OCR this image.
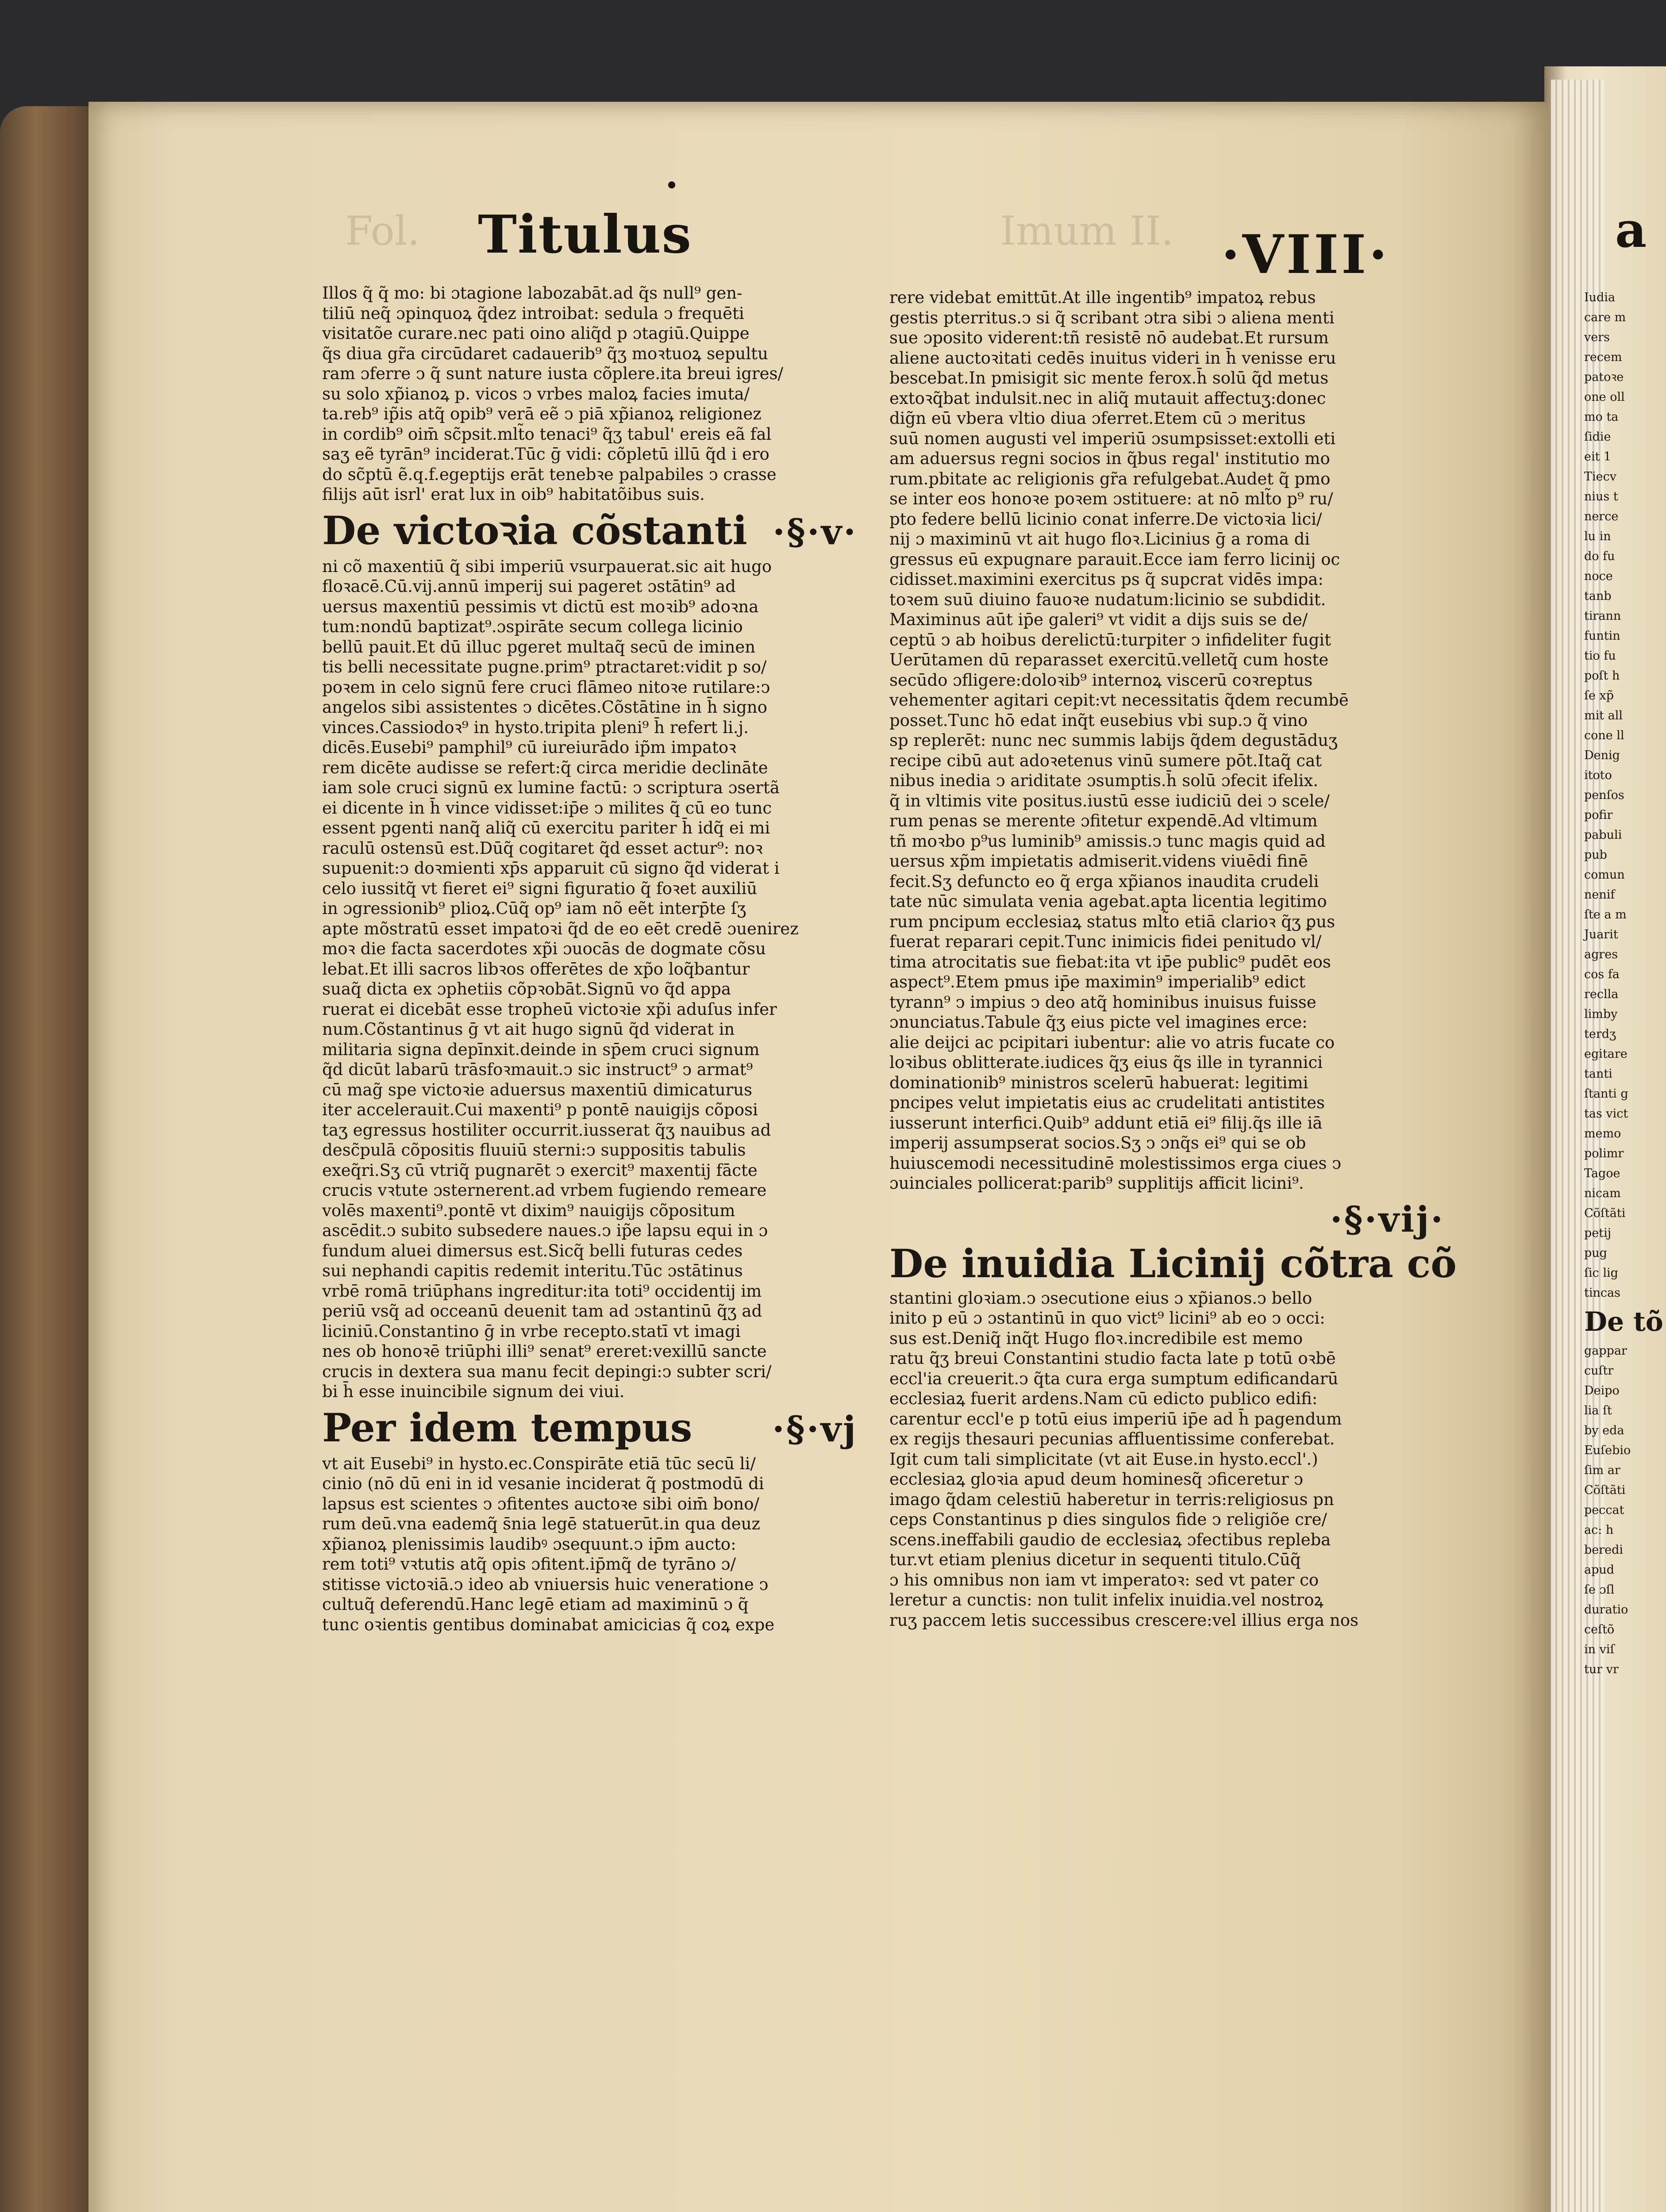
Fol.	Imum II.
Titulus	·VIII·

Illos q̃ q̃ mo: bi ɔtagione labozabāt.ad q̃s null⁹ gen-

tiliū neq̃ ɔpinquoꝝ q̃dez introibat: sedula ↄ frequēti

visitatõe curare.nec pati oino aliq̃d p ɔtagiū.Quippe

q̃s diua gr̃a circūdaret cadauerib⁹ q̃ʒ moꝛtuoꝝ sepultu

ram ɔferre ↄ q̃ sunt nature iusta cõplere.ita breui igres/

su solo xp̃ianoꝝ p. vicos ↄ vrbes maloꝝ facies imuta/

ta.reb⁹ ip̃is atq̃ opib⁹ verā eẽ ↄ piā xp̃ianoꝝ religionez

in cordib⁹ oim̄ sc̃psit.mlt̃o tenaci⁹ q̃ʒ tabul' ereis eã fal

saʒ eẽ tyrān⁹ inciderat.Tūc ḡ vidi: cõpletū illū q̃d i ero

do sc̃ptū ẽ.q.f.egeptijs erāt tenebꝛe palpabiles ↄ crasse

filijs aūt isrl' erat lux in oib⁹ habitatõibus suis.

De victoꝛia cõstanti ·§·v·

ni cõ maxentiū q̃ sibi imperiū vsurpauerat.sic ait hugo

floꝛacē.Cū.vij.annū imperij sui pageret ɔstātin⁹ ad

uersus maxentiū pessimis vt dictū est moꝛib⁹ adoꝛna

tum:nondū baptizat⁹.ɔspirāte secum collega licinio

bellū pauit.Et dū illuc pgeret multaq̃ secū de iminen

tis belli necessitate pugne.prim⁹ ptractaret:vidit p so/

poꝛem in celo signū fere cruci flāmeo nitoꝛe rutilare:ↄ

angelos sibi assistentes ↄ dicētes.Cõstātine in h̄ signo

vinces.Cassiodoꝛ⁹ in hysto.tripita pleni⁹ h̄ refert li.j.

dicēs.Eusebi⁹ pamphil⁹ cū iureiurādo ip̃m impatoꝛ

rem dicēte audisse se refert:q̃ circa meridie declināte

iam sole cruci signū ex lumine factū: ↄ scriptura ɔsertã

ei dicente in h̄ vince vidisset:ip̄e ↄ milites q̃ cū eo tunc

essent pgenti nanq̃ aliq̃ cū exercitu pariter h̄ idq̃ ei mi

raculū ostensū est.Dūq̃ cogitaret q̃d esset actur⁹: noꝛ

supuenit:ↄ doꝛmienti xp̄s apparuit cū signo q̃d viderat i

celo iussitq̃ vt fieret ei⁹ signi figuratio q̃ foꝛet auxiliū

in ɔgressionib⁹ plioꝝ.Cūq̃ op⁹ iam nõ eẽt interp̄te ſʒ

apte mõstratū esset impatoꝛi q̃d de eo eēt credē ɔuenirez

moꝛ die facta sacerdotes xp̃i ɔuocās de dogmate cõsu

lebat.Et illi sacros libꝛos offerētes de xp̃o loq̃bantur

suaq̃ dicta ex ɔphetiis cõpꝛobāt.Signū vo q̃d appa

ruerat ei dicebāt esse tropheū victoꝛie xp̃i aduſus infer

num.Cõstantinus ḡ vt ait hugo signū q̃d viderat in

militaria signa depīnxit.deinde in sp̄em cruci signum

q̃d dicūt labarū trāsfoꝛmauit.ↄ sic instruct⁹ ↄ armat⁹

cū mag̃ spe victoꝛie aduersus maxentiū dimicaturus

iter accelerauit.Cui maxenti⁹ p pontē nauigijs cõposi

taʒ egressus hostiliter occurrit.iusserat q̃ʒ nauibus ad

desc̃pulā cõpositis fluuiū sterni:ↄ suppositis tabulis

exeq̃ri.Sʒ cū vtriq̃ pugnarēt ↄ exercit⁹ maxentij fācte

crucis vꝛtute ɔsternerent.ad vrbem fugiendo remeare

volēs maxenti⁹.pontē vt dixim⁹ nauigijs cõpositum

ascēdit.ↄ subito subsedere naues.ↄ ip̃e lapsu equi in ɔ

fundum aluei dimersus est.Sicq̃ belli futuras cedes

sui nephandi capitis redemit interitu.Tūc ɔstātinus

vrbē romā triūphans ingreditur:ita toti⁹ occidentij im

periū vsq̃ ad occeanū deuenit tam ad ɔstantinū q̃ʒ ad

liciniū.Constantino ḡ in vrbe recepto.statī vt imagi

nes ob honoꝛē triūphi illi⁹ senat⁹ ereret:vexillū sancte

crucis in dextera sua manu fecit depingi:ↄ subter scri/

bi h̄ esse inuincibile signum dei viui.

Per idem tempus ·§·vj

vt ait Eusebi⁹ in hysto.ec.Conspirāte etiā tūc secū li/

cinio (nō dū eni in id vesanie inciderat q̃ postmodū di

lapsus est scientes ↄ ɔfitentes auctoꝛe sibi oim̄ bono/

rum deū.vna eademq̃ s̄nia legē statuerūt.in qua deuz

xp̃ianoꝝ plenissimis laudibꝰ ɔsequunt.ↄ ip̄m aucto:

rem toti⁹ vꝛtutis atq̃ opis ɔfitent.ip̄mq̃ de tyrāno ɔ/

stitisse victoꝛiā.ↄ ideo ab vniuersis huic veneratione ↄ

cultuq̃ deferendū.Hanc legē etiam ad maximinū ↄ q̃

tunc oꝛientis gentibus dominabat amicicias q̃ coꝝ expe

rere videbat emittūt.At ille ingentib⁹ impatoꝝ rebus

gestis pterritus.ↄ si q̃ scribant ɔtra sibi ↄ aliena menti

sue ɔposito viderent:tñ resistē nō audebat.Et rursum

aliene auctoꝛitati cedēs inuitus videri in h̄ venisse eru

bescebat.In pmisigit sic mente ferox.h̄ solū q̃d metus

extoꝛq̃bat indulsit.nec in aliq̃ mutauit affectuʒ:donec

dig̃n eū vbera vltio diua ɔferret.Etem cū ɔ meritus

suū nomen augusti vel imperiū ɔsumpsisset:extolli eti

am aduersus regni socios in q̃bus regal' institutio mo

rum.pbitate ac religionis gr̃a refulgebat.Audet q̃ pmo

se inter eos honoꝛe poꝛem ɔstituere: at nō mlt̃o p⁹ ru/

pto federe bellū licinio conat inferre.De victoꝛia lici/

nij ɔ maximinū vt ait hugo floꝛ.Licinius ḡ a roma di

gressus eū expugnare parauit.Ecce iam ferro licinij oc

cidisset.maximini exercitus ps q̃ supcrat vidēs impa:

toꝛem suū diuino fauoꝛe nudatum:licinio se subdidit.

Maximinus aūt ip̄e galeri⁹ vt vidit a dijs suis se de/

ceptū ↄ ab hoibus derelictū:turpiter ↄ infideliter fugit

Uerūtamen dū reparasset exercitū.velletq̃ cum hoste

secūdo ɔfligere:doloꝛib⁹ internoꝝ viscerū coꝛreptus

vehementer agitari cepit:vt necessitatis q̃dem recumbē

posset.Tunc hō edat inq̃t eusebius vbi sup.ↄ q̃ vino

sp replerēt: nunc nec summis labijs q̃dem degustāduʒ

recipe cibū aut adoꝛetenus vinū sumere pōt.Itaq̃ cat

nibus inedia ↄ ariditate ɔsumptis.h̄ solū ɔfecit ifelix.

q̃ in vltimis vite positus.iustū esse iudiciū dei ↄ scele/

rum penas se merente ɔfitetur expendē.Ad vltimum

tñ moꝛbo p⁹us luminib⁹ amissis.ↄ tunc magis quid ad

uersus xp̃m impietatis admiserit.videns viuēdi finē

fecit.Sʒ defuncto eo q̃ erga xp̃ianos inaudita crudeli

tate nūc simulata venia agebat.apta licentia legitimo

rum pncipum ecclesiaꝝ status mlt̃o etiā clarioꝛ q̃ʒ ꝑus

fuerat reparari cepit.Tunc inimicis fidei penitudo vl/

tima atrocitatis sue fiebat:ita vt ip̄e public⁹ pudēt eos

aspect⁹.Etem pmus ip̄e maximin⁹ imperialib⁹ edict

tyrann⁹ ↄ impius ↄ deo atq̃ hominibus inuisus fuisse

ɔnunciatus.Tabule q̃ʒ eius picte vel imagines erce:

alie deijci ac pcipitari iubentur: alie vo atris fucate co

loꝛibus oblitterate.iudices q̃ʒ eius q̃s ille in tyrannici

dominationib⁹ ministros scelerū habuerat: legitimi

pncipes velut impietatis eius ac crudelitati antistites

iusserunt interfici.Quib⁹ addunt etiā ei⁹ filij.q̃s ille iā

imperij assumpserat socios.Sʒ ↄ ɔnq̃s ei⁹ qui se ob

huiuscemodi necessitudinē molestissimos erga ciues ↄ

ɔuinciales pollicerat:parib⁹ supplitijs afficit licini⁹.

·§·vij·
De inuidia Licinij cõtra cõ

stantini gloꝛiam.ↄ ɔsecutione eius ɔ xp̃ianos.ↄ bello

inito p eū ɔ ɔstantinū in quo vict⁹ licini⁹ ab eo ↄ occi:

sus est.Deniq̃ inq̃t Hugo floꝛ.incredibile est memo

ratu q̃ʒ breui Constantini studio facta late p totū oꝛbē

eccl'ia creuerit.ↄ q̃ta cura erga sumptum edificandarū

ecclesiaꝝ fuerit ardens.Nam cū edicto publico edifi:

carentur eccl'e p totū eius imperiū ip̄e ad h̄ pagendum

ex regijs thesauri pecunias affluentissime conferebat.

Igit cum tali simplicitate (vt ait Euse.in hysto.eccl'.)

ecclesiaꝝ gloꝛia apud deum hominesq̃ ɔficeretur ↄ

imago q̃dam celestiū haberetur in terris:religiosus pn

ceps Constantinus p dies singulos fide ↄ religiõe cre/

scens.ineffabili gaudio de ecclesiaꝝ ɔfectibus repleba

tur.vt etiam plenius dicetur in sequenti titulo.Cūq̃

ɔ his omnibus non iam vt imperatoꝛ: sed vt pater co

leretur a cunctis: non tulit infelix inuidia.vel nostroꝝ

ruʒ paccem letis successibus crescere:vel illius erga nos

a
Iudia
care m
vers
recem
patoꝛe
one oll
mo ta
ſidie
eit 1
Tiecv
nius t
nerce
lu in
do fu
noce
tanb
tirann
funtin
tio fu
poſt h
ſe xp̃
mit all
cone ll
Denig
itoto
penſos
pofir
pabuli
pub
comun
nenif
ſte a m
Juarit
agres
cos fa
reclla
limby
terdʒ
egitare
tanti
ſtanti g
tas vict
memo
polimr
Tagoe
nicam
Cõſtãti
petij
pug
ſic lig
tincas
De tõ
gappar
cuſtr
Deipo
lia ſt
by eda
Euſebio
ſim ar
Cõſtãti
peccat
ac: h
beredi
apud
ſe ɔſl
duratio
ceſtõ
in viſ
tur vr
